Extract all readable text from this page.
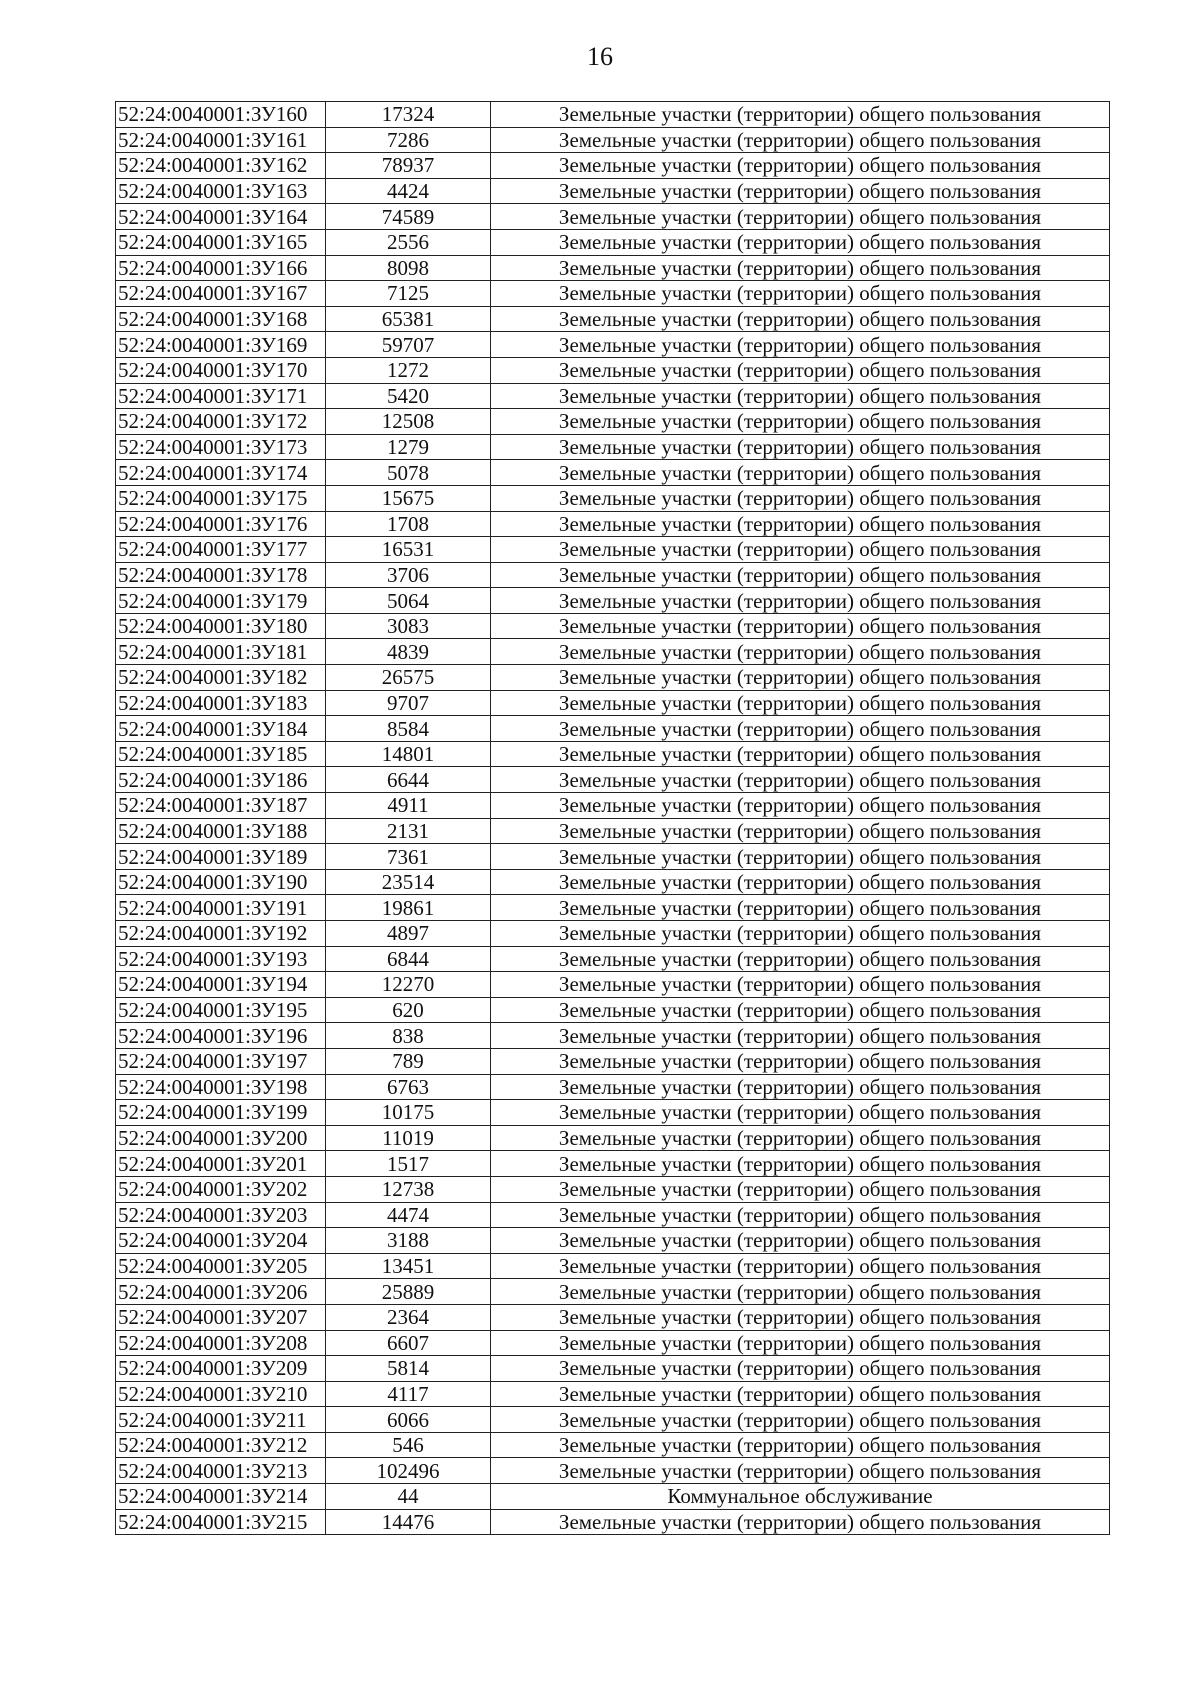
16
52:24:0040001:ЗУ160	17324	Земельные участки (территории) общего пользования
52:24:0040001:ЗУ161	7286	Земельные участки (территории) общего пользования
52:24:0040001:ЗУ162	78937	Земельные участки (территории) общего пользования
52:24:0040001:ЗУ163	4424	Земельные участки (территории) общего пользования
52:24:0040001:ЗУ164	74589	Земельные участки (территории) общего пользования
52:24:0040001:ЗУ165	2556	Земельные участки (территории) общего пользования
52:24:0040001:ЗУ166	8098	Земельные участки (территории) общего пользования
52:24:0040001:ЗУ167	7125	Земельные участки (территории) общего пользования
52:24:0040001:ЗУ168	65381	Земельные участки (территории) общего пользования
52:24:0040001:ЗУ169	59707	Земельные участки (территории) общего пользования
52:24:0040001:ЗУ170	1272	Земельные участки (территории) общего пользования
52:24:0040001:ЗУ171	5420	Земельные участки (территории) общего пользования
52:24:0040001:ЗУ172	12508	Земельные участки (территории) общего пользования
52:24:0040001:ЗУ173	1279	Земельные участки (территории) общего пользования
52:24:0040001:ЗУ174	5078	Земельные участки (территории) общего пользования
52:24:0040001:ЗУ175	15675	Земельные участки (территории) общего пользования
52:24:0040001:ЗУ176	1708	Земельные участки (территории) общего пользования
52:24:0040001:ЗУ177	16531	Земельные участки (территории) общего пользования
52:24:0040001:ЗУ178	3706	Земельные участки (территории) общего пользования
52:24:0040001:ЗУ179	5064	Земельные участки (территории) общего пользования
52:24:0040001:ЗУ180	3083	Земельные участки (территории) общего пользования
52:24:0040001:ЗУ181	4839	Земельные участки (территории) общего пользования
52:24:0040001:ЗУ182	26575	Земельные участки (территории) общего пользования
52:24:0040001:ЗУ183	9707	Земельные участки (территории) общего пользования
52:24:0040001:ЗУ184	8584	Земельные участки (территории) общего пользования
52:24:0040001:ЗУ185	14801	Земельные участки (территории) общего пользования
52:24:0040001:ЗУ186	6644	Земельные участки (территории) общего пользования
52:24:0040001:ЗУ187	4911	Земельные участки (территории) общего пользования
52:24:0040001:ЗУ188	2131	Земельные участки (территории) общего пользования
52:24:0040001:ЗУ189	7361	Земельные участки (территории) общего пользования
52:24:0040001:ЗУ190	23514	Земельные участки (территории) общего пользования
52:24:0040001:ЗУ191	19861	Земельные участки (территории) общего пользования
52:24:0040001:ЗУ192	4897	Земельные участки (территории) общего пользования
52:24:0040001:ЗУ193	6844	Земельные участки (территории) общего пользования
52:24:0040001:ЗУ194	12270	Земельные участки (территории) общего пользования
52:24:0040001:ЗУ195	620	Земельные участки (территории) общего пользования
52:24:0040001:ЗУ196	838	Земельные участки (территории) общего пользования
52:24:0040001:ЗУ197	789	Земельные участки (территории) общего пользования
52:24:0040001:ЗУ198	6763	Земельные участки (территории) общего пользования
52:24:0040001:ЗУ199	10175	Земельные участки (территории) общего пользования
52:24:0040001:ЗУ200	11019	Земельные участки (территории) общего пользования
52:24:0040001:ЗУ201	1517	Земельные участки (территории) общего пользования
52:24:0040001:ЗУ202	12738	Земельные участки (территории) общего пользования
52:24:0040001:ЗУ203	4474	Земельные участки (территории) общего пользования
52:24:0040001:ЗУ204	3188	Земельные участки (территории) общего пользования
52:24:0040001:ЗУ205	13451	Земельные участки (территории) общего пользования
52:24:0040001:ЗУ206	25889	Земельные участки (территории) общего пользования
52:24:0040001:ЗУ207	2364	Земельные участки (территории) общего пользования
52:24:0040001:ЗУ208	6607	Земельные участки (территории) общего пользования
52:24:0040001:ЗУ209	5814	Земельные участки (территории) общего пользования
52:24:0040001:ЗУ210	4117	Земельные участки (территории) общего пользования
52:24:0040001:ЗУ211	6066	Земельные участки (территории) общего пользования
52:24:0040001:ЗУ212	546	Земельные участки (территории) общего пользования
52:24:0040001:ЗУ213	102496	Земельные участки (территории) общего пользования
52:24:0040001:ЗУ214	44	Коммунальное обслуживание
52:24:0040001:ЗУ215	14476	Земельные участки (территории) общего пользования
